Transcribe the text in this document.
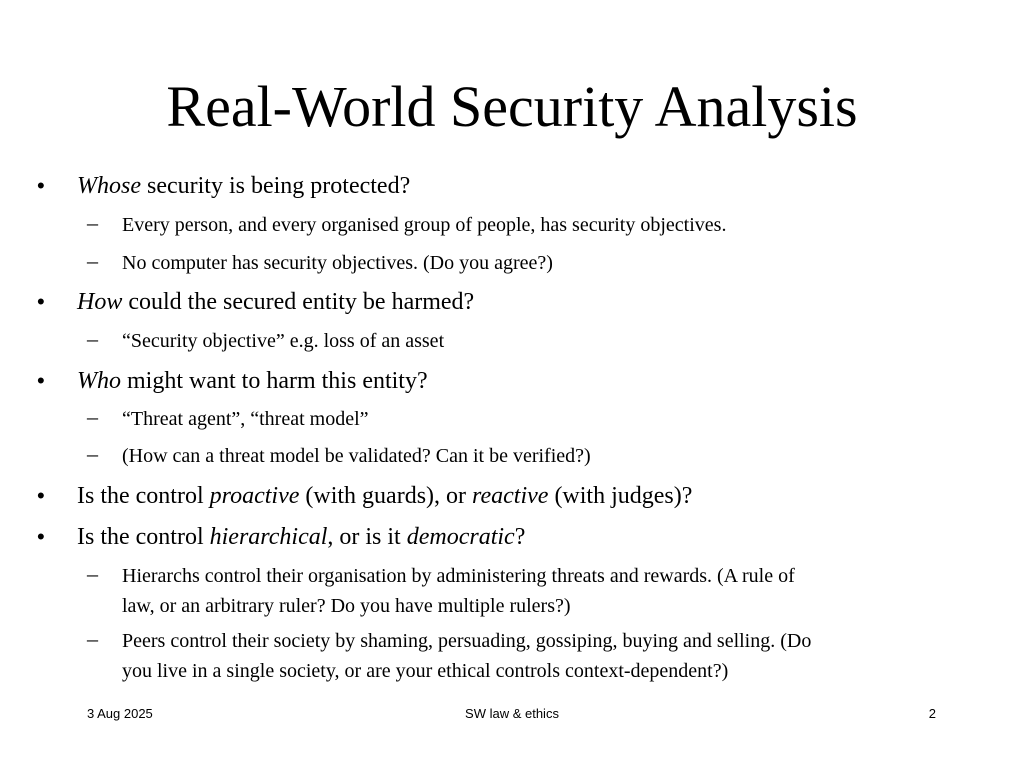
Real-World Security Analysis
• Whose security is being protected?
– Every person, and every organised group of people, has security objectives.
– No computer has security objectives. (Do you agree?)
• How could the secured entity be harmed?
– “Security objective” e.g. loss of an asset
• Who might want to harm this entity?
– “Threat agent”, “threat model”
– (How can a threat model be validated? Can it be verified?)
• Is the control proactive (with guards), or reactive (with judges)?
• Is the control hierarchical, or is it democratic?
– Hierarchs control their organisation by administering threats and rewards. (A rule of
law, or an arbitrary ruler? Do you have multiple rulers?)
– Peers control their society by shaming, persuading, gossiping, buying and selling. (Do
you live in a single society, or are your ethical controls context-dependent?)
3 Aug 2025	SW law & ethics	2
